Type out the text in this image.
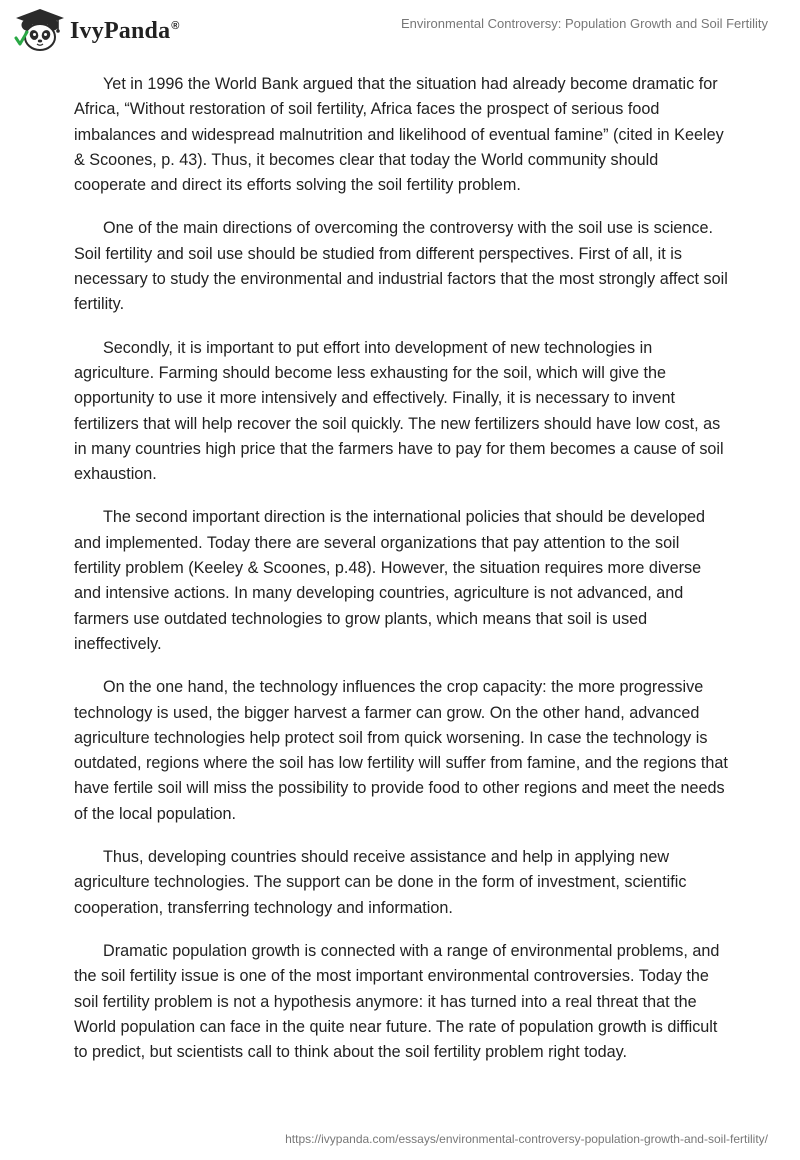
IvyPanda®	Environmental Controversy: Population Growth and Soil Fertility

Yet in 1996 the World Bank argued that the situation had already become dramatic for Africa, “Without restoration of soil fertility, Africa faces the prospect of serious food imbalances and widespread malnutrition and likelihood of eventual famine” (cited in Keeley & Scoones, p. 43). Thus, it becomes clear that today the World community should cooperate and direct its efforts solving the soil fertility problem.

One of the main directions of overcoming the controversy with the soil use is science. Soil fertility and soil use should be studied from different perspectives. First of all, it is necessary to study the environmental and industrial factors that the most strongly affect soil fertility.

Secondly, it is important to put effort into development of new technologies in agriculture. Farming should become less exhausting for the soil, which will give the opportunity to use it more intensively and effectively. Finally, it is necessary to invent fertilizers that will help recover the soil quickly. The new fertilizers should have low cost, as in many countries high price that the farmers have to pay for them becomes a cause of soil exhaustion.

The second important direction is the international policies that should be developed and implemented. Today there are several organizations that pay attention to the soil fertility problem (Keeley & Scoones, p.48). However, the situation requires more diverse and intensive actions. In many developing countries, agriculture is not advanced, and farmers use outdated technologies to grow plants, which means that soil is used ineffectively.

On the one hand, the technology influences the crop capacity: the more progressive technology is used, the bigger harvest a farmer can grow. On the other hand, advanced agriculture technologies help protect soil from quick worsening. In case the technology is outdated, regions where the soil has low fertility will suffer from famine, and the regions that have fertile soil will miss the possibility to provide food to other regions and meet the needs of the local population.

Thus, developing countries should receive assistance and help in applying new agriculture technologies. The support can be done in the form of investment, scientific cooperation, transferring technology and information.

Dramatic population growth is connected with a range of environmental problems, and the soil fertility issue is one of the most important environmental controversies. Today the soil fertility problem is not a hypothesis anymore: it has turned into a real threat that the World population can face in the quite near future. The rate of population growth is difficult to predict, but scientists call to think about the soil fertility problem right today.

https://ivypanda.com/essays/environmental-controversy-population-growth-and-soil-fertility/
